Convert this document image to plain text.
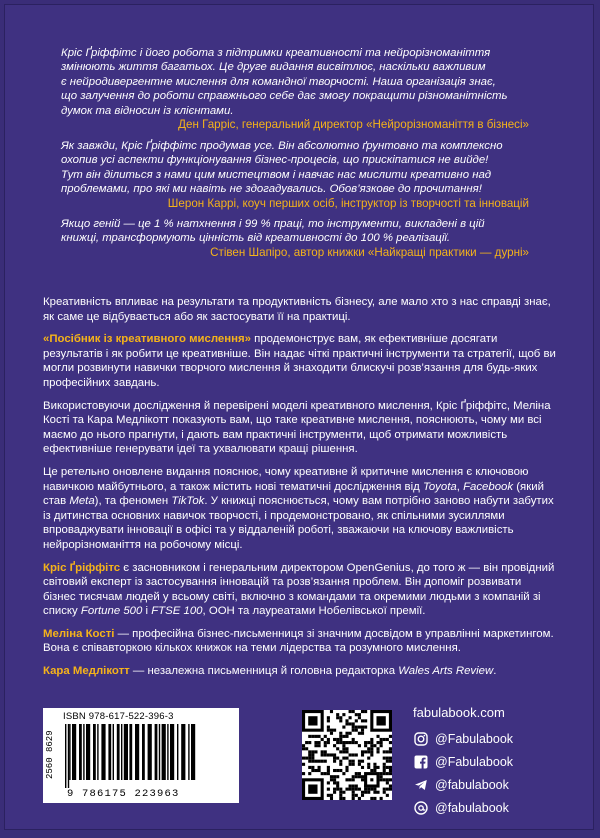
Кріс Ґріффітс і його робота з підтримки креативності та нейрорізноманіття

змінюють життя багатьох. Це друге видання висвітлює, наскільки важливим

є нейродивергентне мислення для командної творчості. Наша організація знає,

що залучення до роботи справжнього себе дає змогу покращити різноманітність

думок та відносин із клієнтами.

Ден Гарріс, генеральний директор «Нейрорізноманіття в бізнесі»

Як завжди, Кріс Ґріффітс продумав усе. Він абсолютно ґрунтовно та комплексно

охопив усі аспекти функціонування бізнес-процесів, що прискіпатися не вийде!

Тут він ділиться з нами цим мистецтвом і навчає нас мислити креативно над

проблемами, про які ми навіть не здогадувались. Обов’язкове до прочитання!

Шерон Каррі, коуч перших осіб, інструктор із творчості та інновацій

Якщо геній — це 1 % натхнення і 99 % праці, то інструменти, викладені в цій

книжці, трансформують цінність від креативності до 100 % реалізації.

Стівен Шапіро, автор книжки «Найкращі практики — дурні»

Креативність впливає на результати та продуктивність бізнесу, але мало хто з нас справді знає, як саме це відбувається або як застосувати її на практиці.

«Посібник із креативного мислення» продемонструє вам, як ефективніше досягати результатів і як робити це креативніше. Він надає чіткі практичні інструменти та стратегії, щоб ви могли розвинути навички творчого мислення й знаходити блискучі розв’язання для будь-яких професійних завдань.

Використовуючи дослідження й перевірені моделі креативного мислення, Кріс Ґріффітс, Меліна Кості та Кара Медлікотт показують вам, що таке креативне мислення, пояснюють, чому ми всі маємо до нього прагнути, і дають вам практичні інструменти, щоб отримати можливість ефективніше генерувати ідеї та ухвалювати кращі рішення.

Це ретельно оновлене видання пояснює, чому креативне й критичне мислення є ключовою навичкою майбутнього, а також містить нові тематичні дослідження від Toyota, Facebook (який став Meta), та феномен TikTok. У книжці пояснюється, чому вам потрібно заново набути забутих із дитинства основних навичок творчості, і продемонстровано, як спільними зусиллями впроваджувати інновації в офісі та у віддаленій роботі, зважаючи на ключову важливість нейрорізноманіття на робочому місці.

Кріс Ґріффітс є засновником і генеральним директором OpenGenius, до того ж — він провідний світовий експерт із застосування інновацій та розв’язання проблем. Він допоміг розвивати бізнес тисячам людей у всьому світі, включно з командами та окремими людьми з компаній зі списку Fortune 500 і FTSE 100, ООН та лауреатами Нобелівської премії.

Меліна Кості — професійна бізнес-письменниця зі значним досвідом в управлінні маркетингом. Вона є співавторкою кількох книжок на теми лідерства та розумного мислення.

Кара Медлікотт — незалежна письменниця й головна редакторка Wales Arts Review.

ISBN 978-617-522-396-3
2560 8629
9 786175 223963
fabulabook.com
@Fabulabook
@Fabulabook
@fabulabook
@fabulabook
